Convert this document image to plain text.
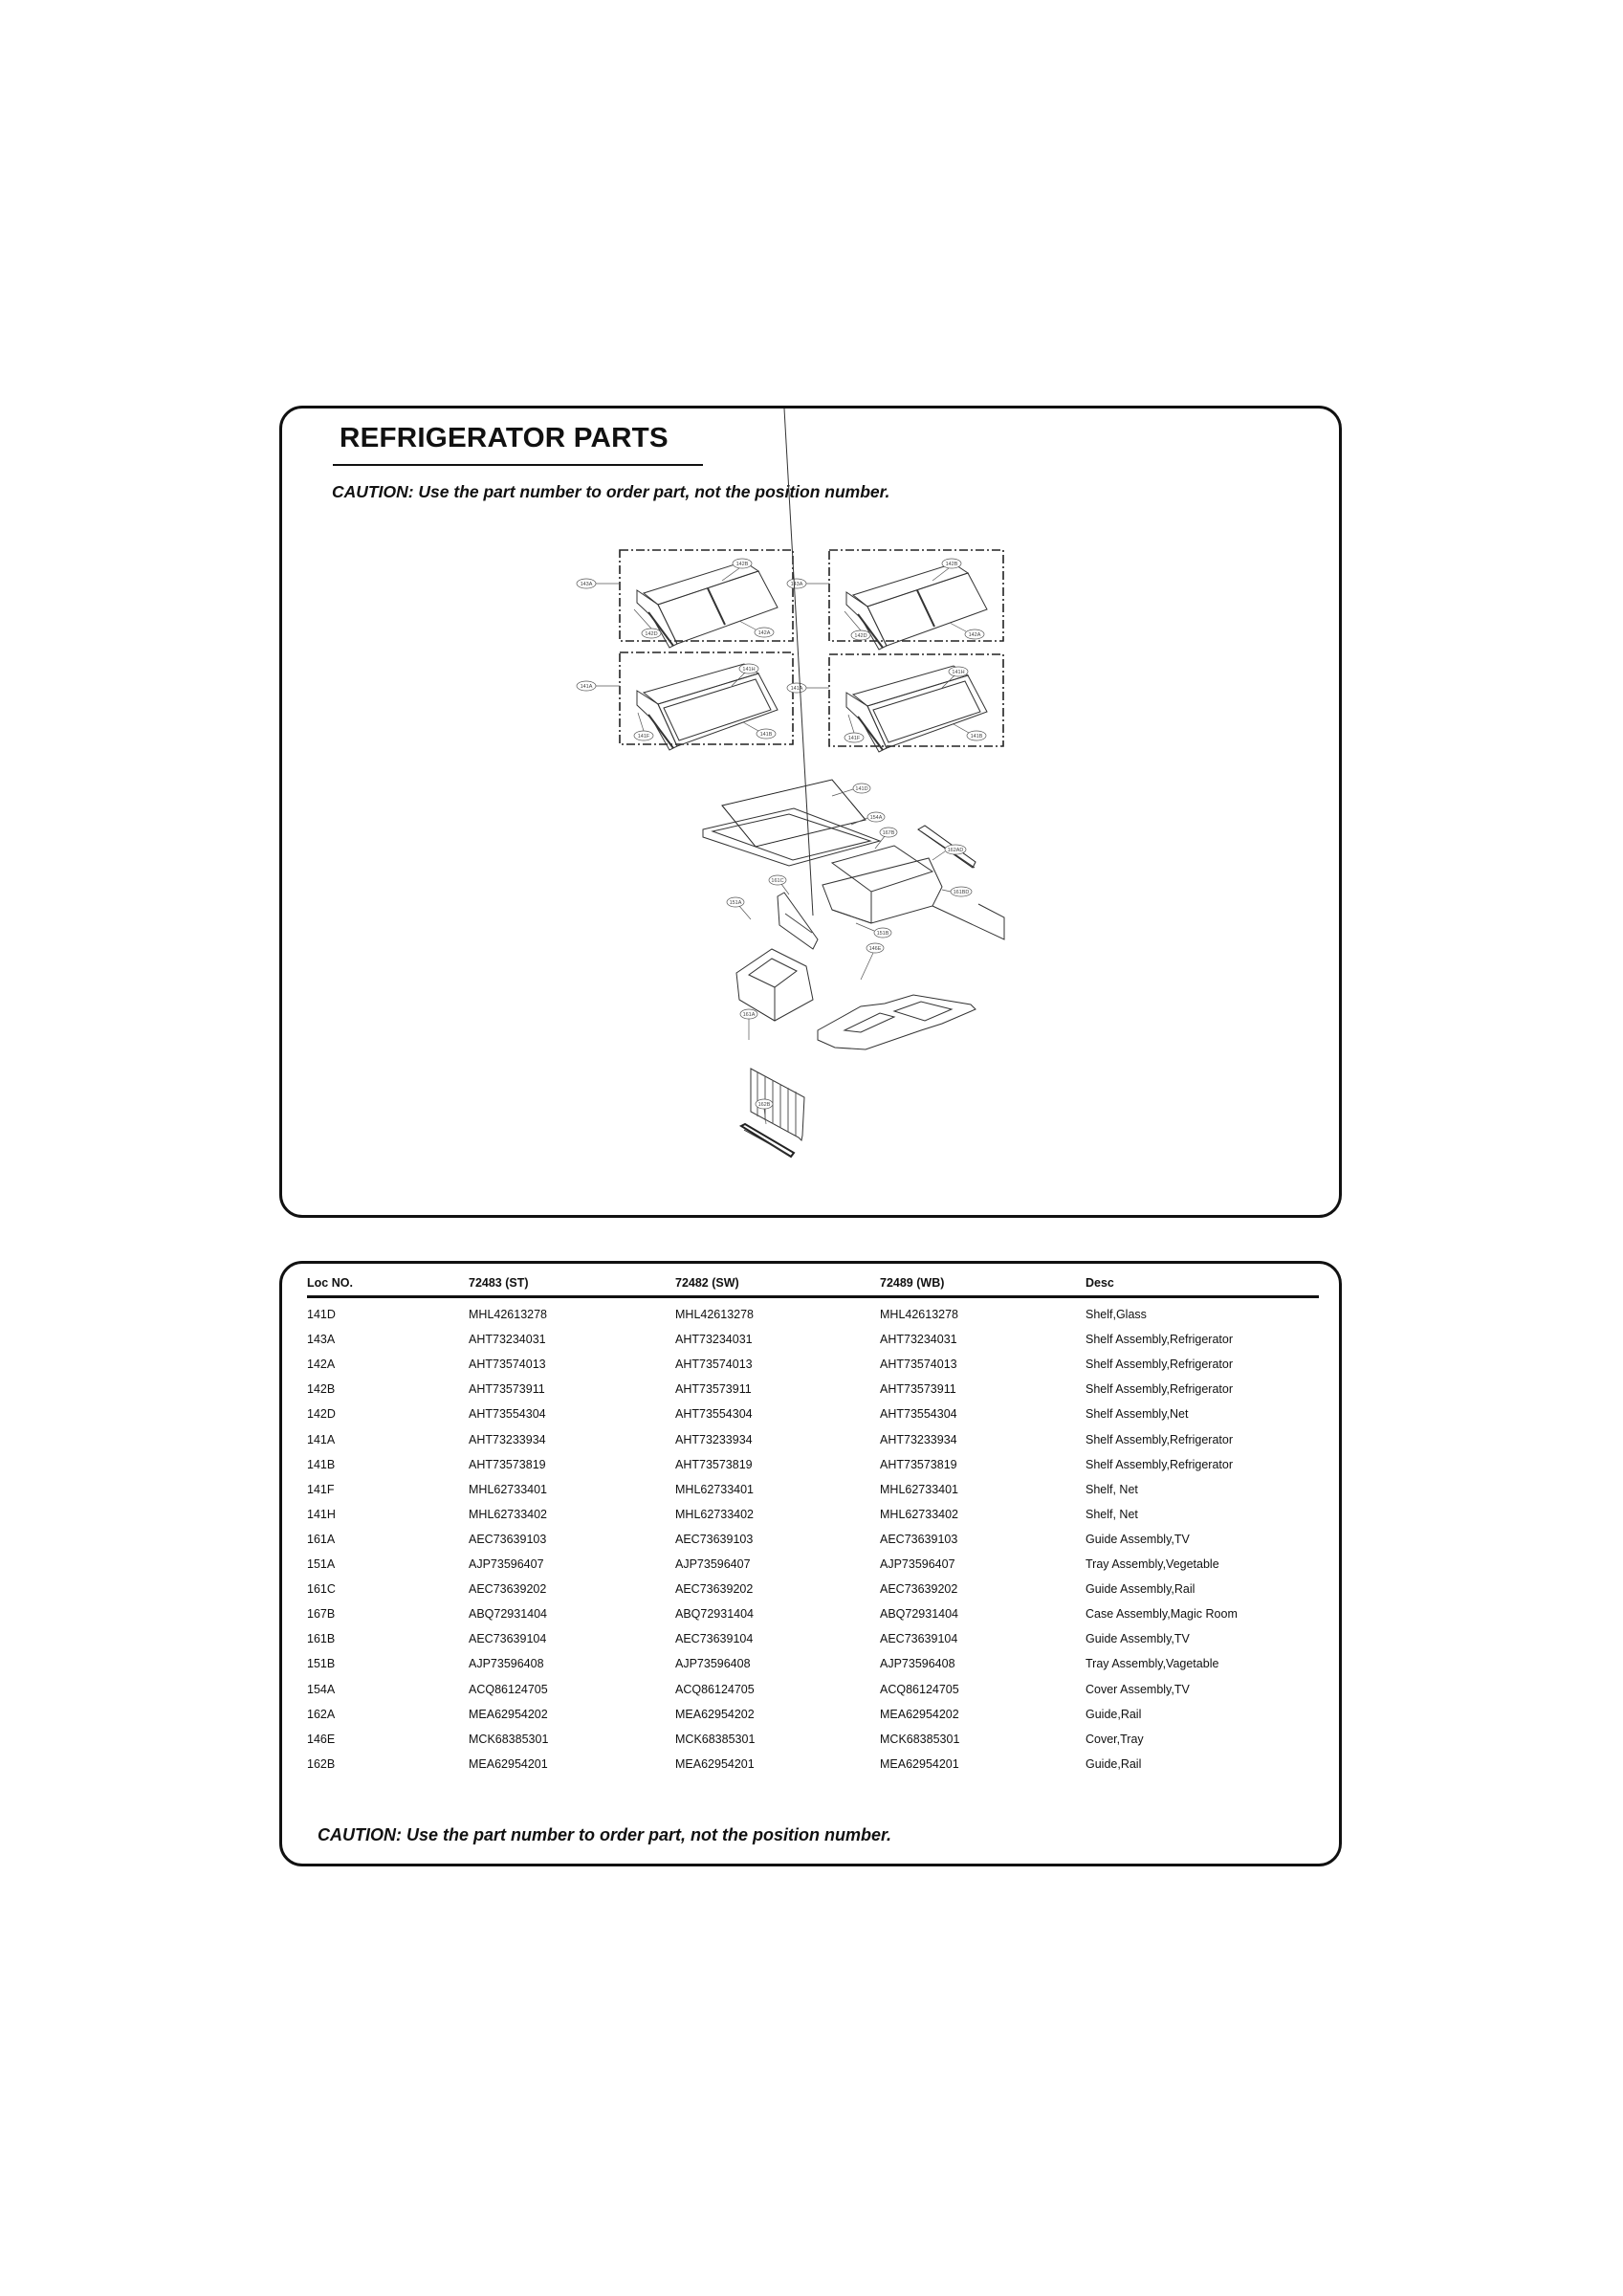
REFRIGERATOR PARTS
CAUTION: Use the part number to order part, not the position number.
143A
142B
142D	142A
143A
142B
142D	142A
141A
141H
141F	141B
141A
141H
141F	141B
141D
154A
167B
162AD
161C
161BD
151A
151B
146E
161A
162B
Loc NO.	72483 (ST)	72482 (SW)	72489 (WB)	Desc
141D	MHL42613278	MHL42613278	MHL42613278	Shelf,Glass
143A	AHT73234031	AHT73234031	AHT73234031	Shelf Assembly,Refrigerator
142A	AHT73574013	AHT73574013	AHT73574013	Shelf Assembly,Refrigerator
142B	AHT73573911	AHT73573911	AHT73573911	Shelf Assembly,Refrigerator
142D	AHT73554304	AHT73554304	AHT73554304	Shelf Assembly,Net
141A	AHT73233934	AHT73233934	AHT73233934	Shelf Assembly,Refrigerator
141B	AHT73573819	AHT73573819	AHT73573819	Shelf Assembly,Refrigerator
141F	MHL62733401	MHL62733401	MHL62733401	Shelf, Net
141H	MHL62733402	MHL62733402	MHL62733402	Shelf, Net
161A	AEC73639103	AEC73639103	AEC73639103	Guide Assembly,TV
151A	AJP73596407	AJP73596407	AJP73596407	Tray Assembly,Vegetable
161C	AEC73639202	AEC73639202	AEC73639202	Guide Assembly,Rail
167B	ABQ72931404	ABQ72931404	ABQ72931404	Case Assembly,Magic Room
161B	AEC73639104	AEC73639104	AEC73639104	Guide Assembly,TV
151B	AJP73596408	AJP73596408	AJP73596408	Tray Assembly,Vagetable
154A	ACQ86124705	ACQ86124705	ACQ86124705	Cover Assembly,TV
162A	MEA62954202	MEA62954202	MEA62954202	Guide,Rail
146E	MCK68385301	MCK68385301	MCK68385301	Cover,Tray
162B	MEA62954201	MEA62954201	MEA62954201	Guide,Rail
CAUTION: Use the part number to order part, not the position number.
